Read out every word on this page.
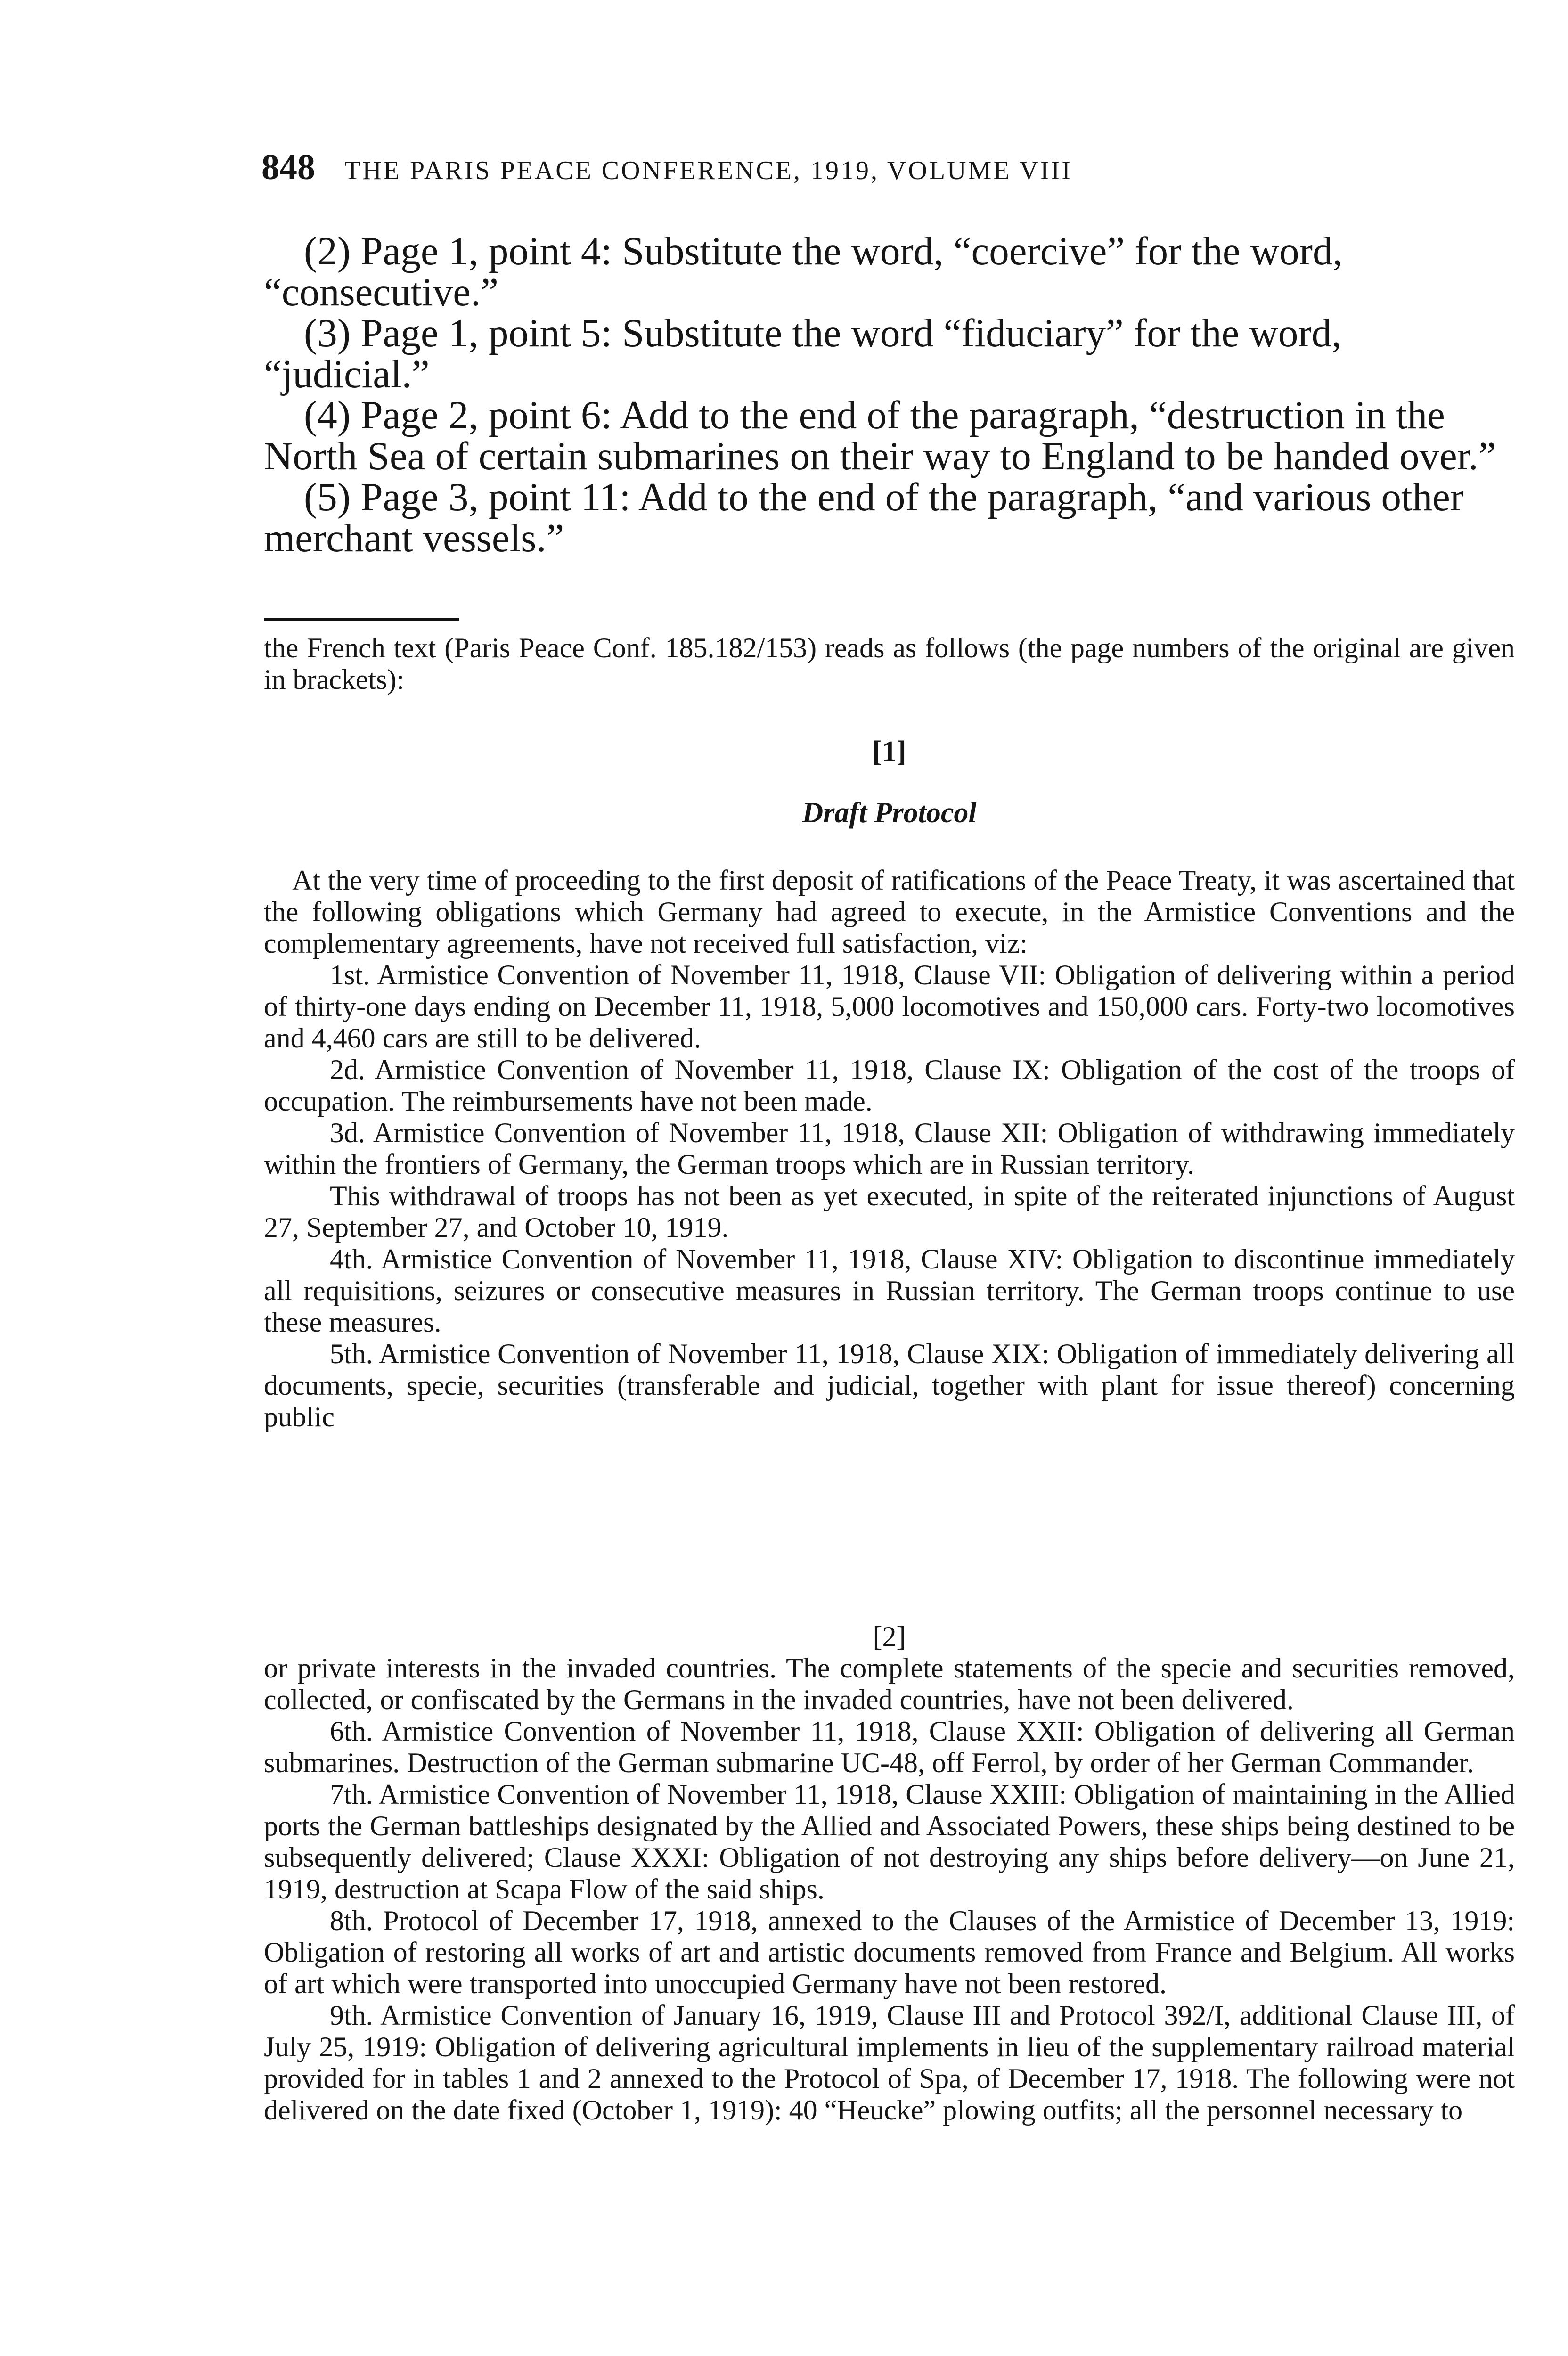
848 THE PARIS PEACE CONFERENCE, 1919, VOLUME VIII

(2) Page 1, point 4: Substitute the word, “coercive” for the word, “consecutive.”

(3) Page 1, point 5: Substitute the word “fiduciary” for the word, “judicial.”

(4) Page 2, point 6: Add to the end of the paragraph, “destruction in the North Sea of certain submarines on their way to England to be handed over.”

(5) Page 3, point 11: Add to the end of the paragraph, “and various other merchant vessels.”

the French text (Paris Peace Conf. 185.182/153) reads as follows (the page numbers of the original are given in brackets):

[1]
Draft Protocol

At the very time of proceeding to the first deposit of ratifications of the Peace Treaty, it was ascertained that the following obligations which Germany had agreed to execute, in the Armistice Conventions and the complementary agreements, have not received full satisfaction, viz:

1st. Armistice Convention of November 11, 1918, Clause VII: Obligation of delivering within a period of thirty-one days ending on December 11, 1918, 5,000 locomotives and 150,000 cars. Forty-two locomotives and 4,460 cars are still to be delivered.

2d. Armistice Convention of November 11, 1918, Clause IX: Obligation of the cost of the troops of occupation. The reimbursements have not been made.

3d. Armistice Convention of November 11, 1918, Clause XII: Obligation of withdrawing immediately within the frontiers of Germany, the German troops which are in Russian territory.

This withdrawal of troops has not been as yet executed, in spite of the reiterated injunctions of August 27, September 27, and October 10, 1919.

4th. Armistice Convention of November 11, 1918, Clause XIV: Obligation to discontinue immediately all requisitions, seizures or consecutive measures in Russian territory. The German troops continue to use these measures.

5th. Armistice Convention of November 11, 1918, Clause XIX: Obligation of immediately delivering all documents, specie, securities (transferable and judicial, together with plant for issue thereof) concerning public

[2]

or private interests in the invaded countries. The complete statements of the specie and securities removed, collected, or confiscated by the Germans in the invaded countries, have not been delivered.

6th. Armistice Convention of November 11, 1918, Clause XXII: Obligation of delivering all German submarines. Destruction of the German submarine UC-48, off Ferrol, by order of her German Commander.

7th. Armistice Convention of November 11, 1918, Clause XXIII: Obligation of maintaining in the Allied ports the German battleships designated by the Allied and Associated Powers, these ships being destined to be subsequently delivered; Clause XXXI: Obligation of not destroying any ships before delivery—on June 21, 1919, destruction at Scapa Flow of the said ships.

8th. Protocol of December 17, 1918, annexed to the Clauses of the Armistice of December 13, 1919: Obligation of restoring all works of art and artistic documents removed from France and Belgium. All works of art which were transported into unoccupied Germany have not been restored.

9th. Armistice Convention of January 16, 1919, Clause III and Protocol 392/I, additional Clause III, of July 25, 1919: Obligation of delivering agricultural implements in lieu of the supplementary railroad material provided for in tables 1 and 2 annexed to the Protocol of Spa, of December 17, 1918. The following were not delivered on the date fixed (October 1, 1919): 40 “Heucke” plowing outfits; all the personnel necessary to
